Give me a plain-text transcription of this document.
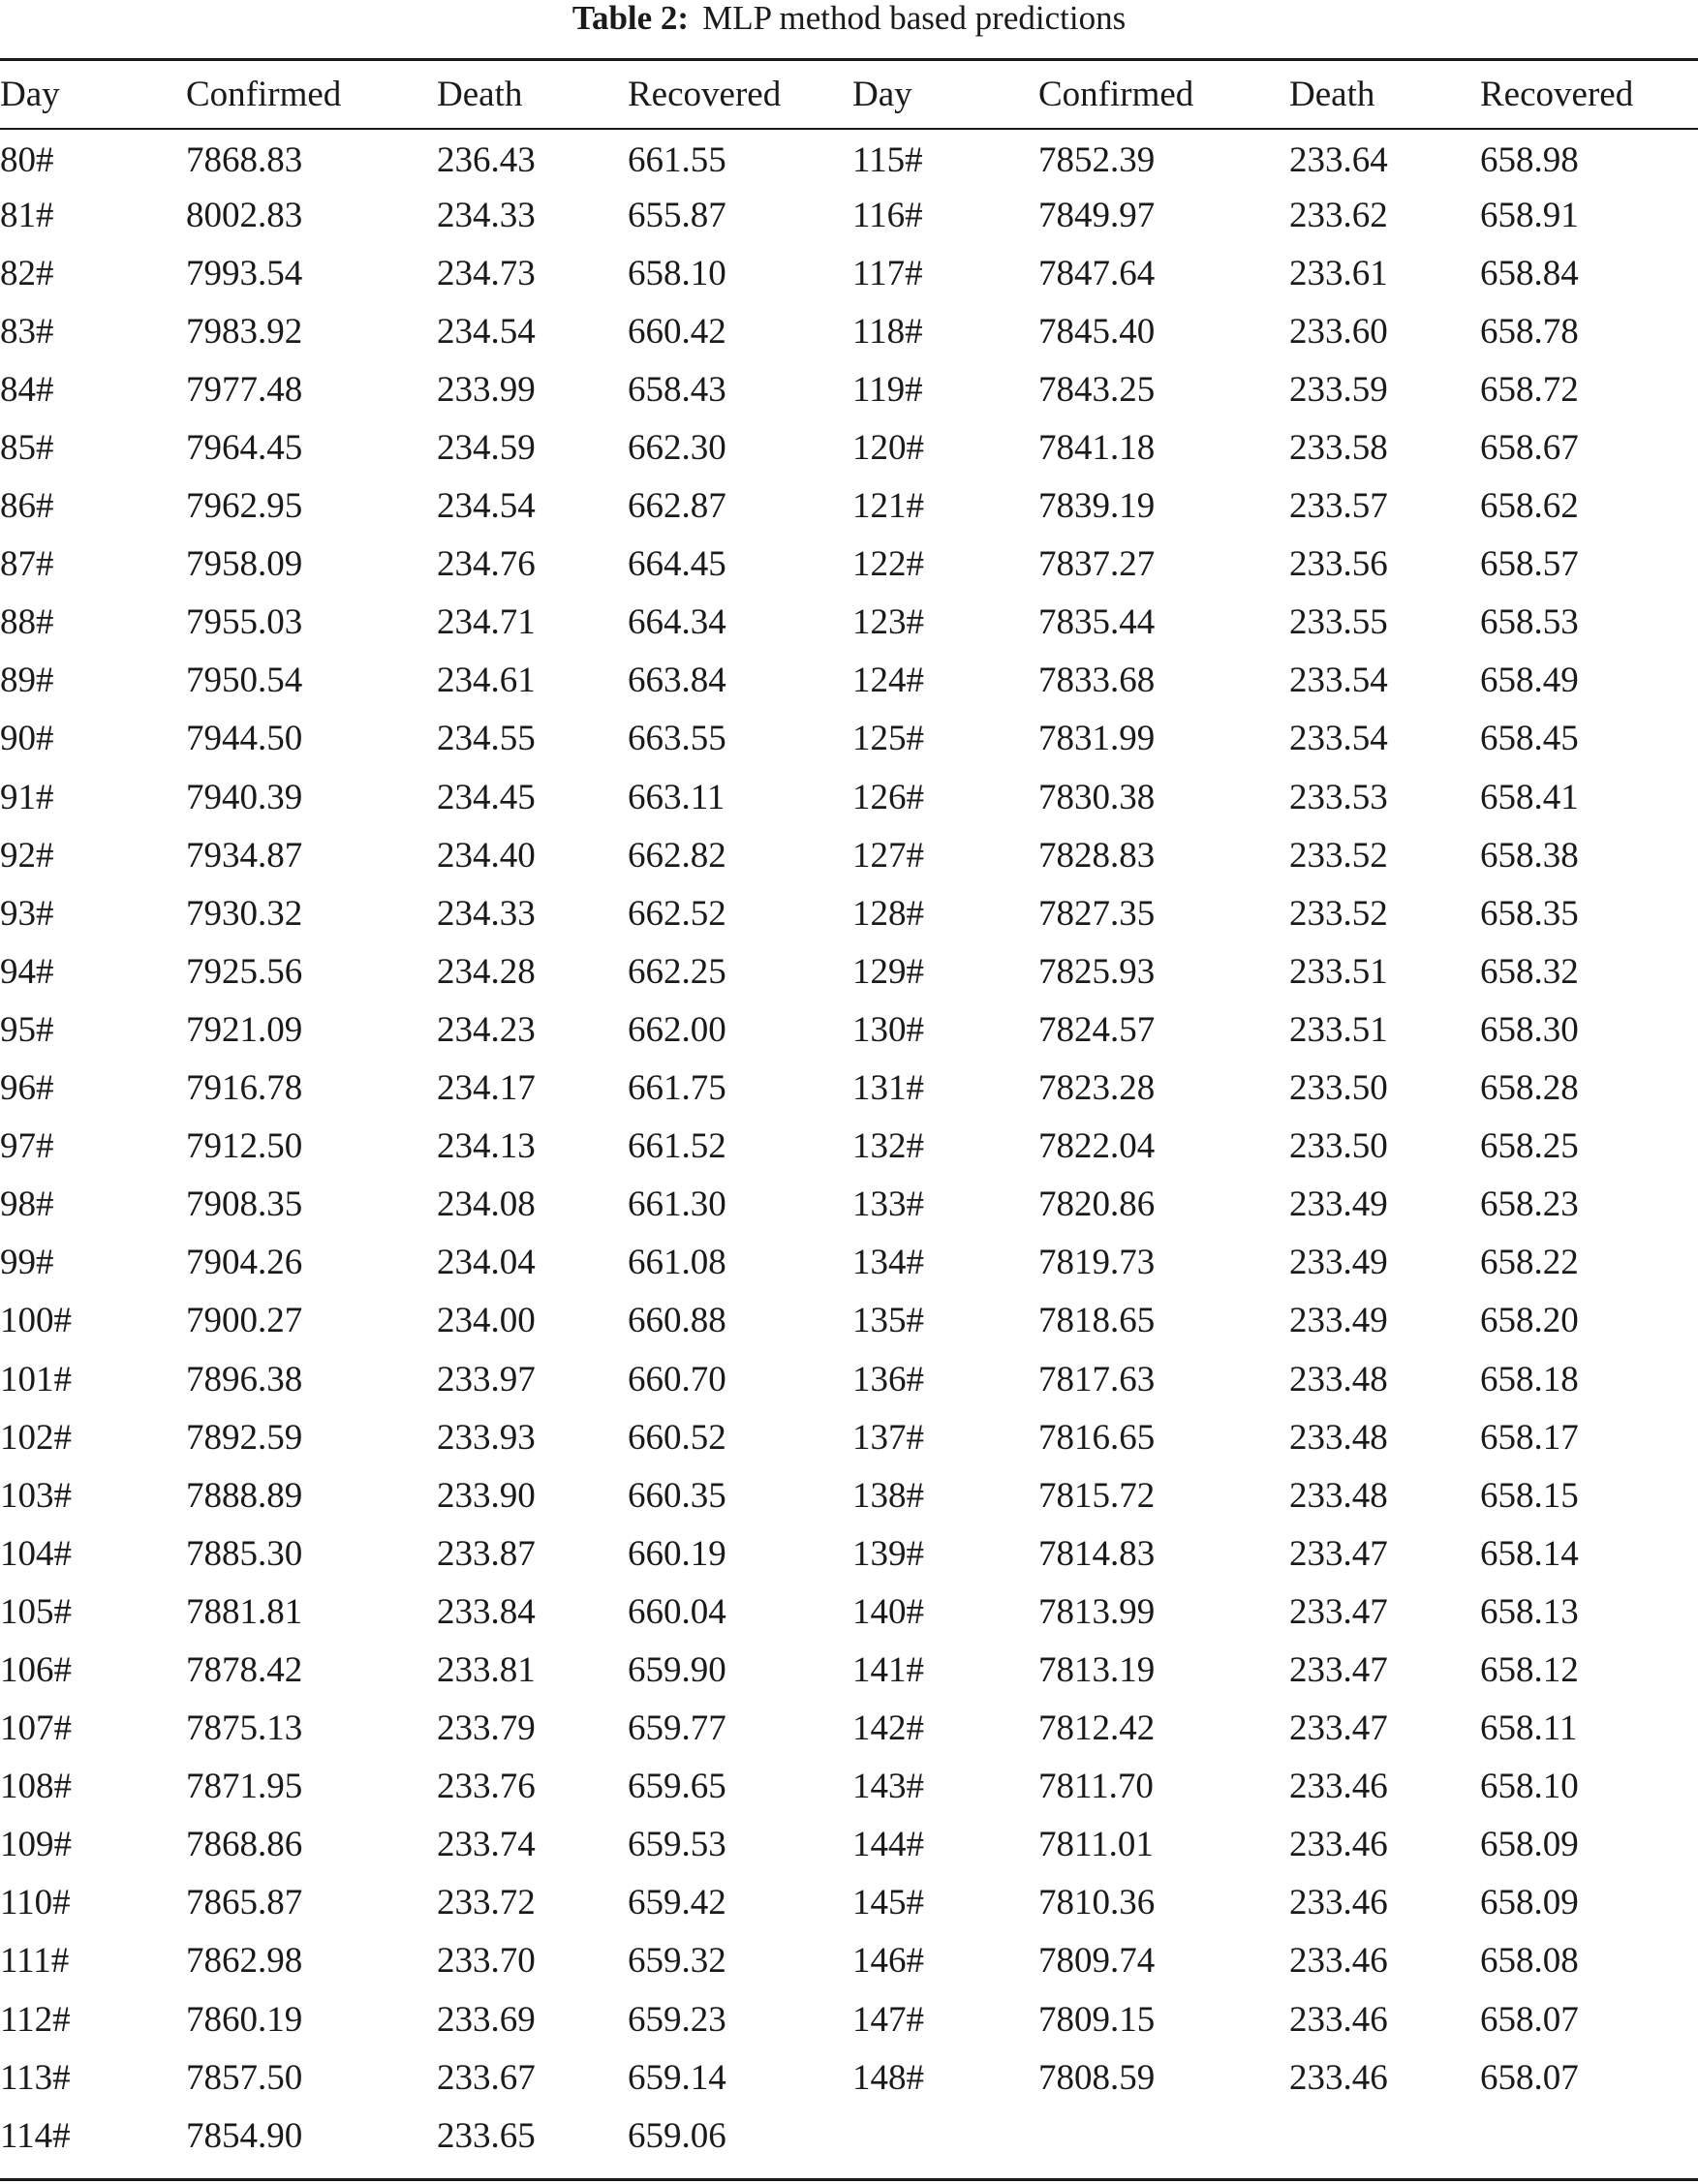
Table 2: MLP method based predictions
Day	Confirmed	Death	Recovered	Day	Confirmed	Death	Recovered
80#	7868.83	236.43	661.55	115#	7852.39	233.64	658.98
81#	8002.83	234.33	655.87	116#	7849.97	233.62	658.91
82#	7993.54	234.73	658.10	117#	7847.64	233.61	658.84
83#	7983.92	234.54	660.42	118#	7845.40	233.60	658.78
84#	7977.48	233.99	658.43	119#	7843.25	233.59	658.72
85#	7964.45	234.59	662.30	120#	7841.18	233.58	658.67
86#	7962.95	234.54	662.87	121#	7839.19	233.57	658.62
87#	7958.09	234.76	664.45	122#	7837.27	233.56	658.57
88#	7955.03	234.71	664.34	123#	7835.44	233.55	658.53
89#	7950.54	234.61	663.84	124#	7833.68	233.54	658.49
90#	7944.50	234.55	663.55	125#	7831.99	233.54	658.45
91#	7940.39	234.45	663.11	126#	7830.38	233.53	658.41
92#	7934.87	234.40	662.82	127#	7828.83	233.52	658.38
93#	7930.32	234.33	662.52	128#	7827.35	233.52	658.35
94#	7925.56	234.28	662.25	129#	7825.93	233.51	658.32
95#	7921.09	234.23	662.00	130#	7824.57	233.51	658.30
96#	7916.78	234.17	661.75	131#	7823.28	233.50	658.28
97#	7912.50	234.13	661.52	132#	7822.04	233.50	658.25
98#	7908.35	234.08	661.30	133#	7820.86	233.49	658.23
99#	7904.26	234.04	661.08	134#	7819.73	233.49	658.22
100#	7900.27	234.00	660.88	135#	7818.65	233.49	658.20
101#	7896.38	233.97	660.70	136#	7817.63	233.48	658.18
102#	7892.59	233.93	660.52	137#	7816.65	233.48	658.17
103#	7888.89	233.90	660.35	138#	7815.72	233.48	658.15
104#	7885.30	233.87	660.19	139#	7814.83	233.47	658.14
105#	7881.81	233.84	660.04	140#	7813.99	233.47	658.13
106#	7878.42	233.81	659.90	141#	7813.19	233.47	658.12
107#	7875.13	233.79	659.77	142#	7812.42	233.47	658.11
108#	7871.95	233.76	659.65	143#	7811.70	233.46	658.10
109#	7868.86	233.74	659.53	144#	7811.01	233.46	658.09
110#	7865.87	233.72	659.42	145#	7810.36	233.46	658.09
111#	7862.98	233.70	659.32	146#	7809.74	233.46	658.08
112#	7860.19	233.69	659.23	147#	7809.15	233.46	658.07
113#	7857.50	233.67	659.14	148#	7808.59	233.46	658.07
114#	7854.90	233.65	659.06				
